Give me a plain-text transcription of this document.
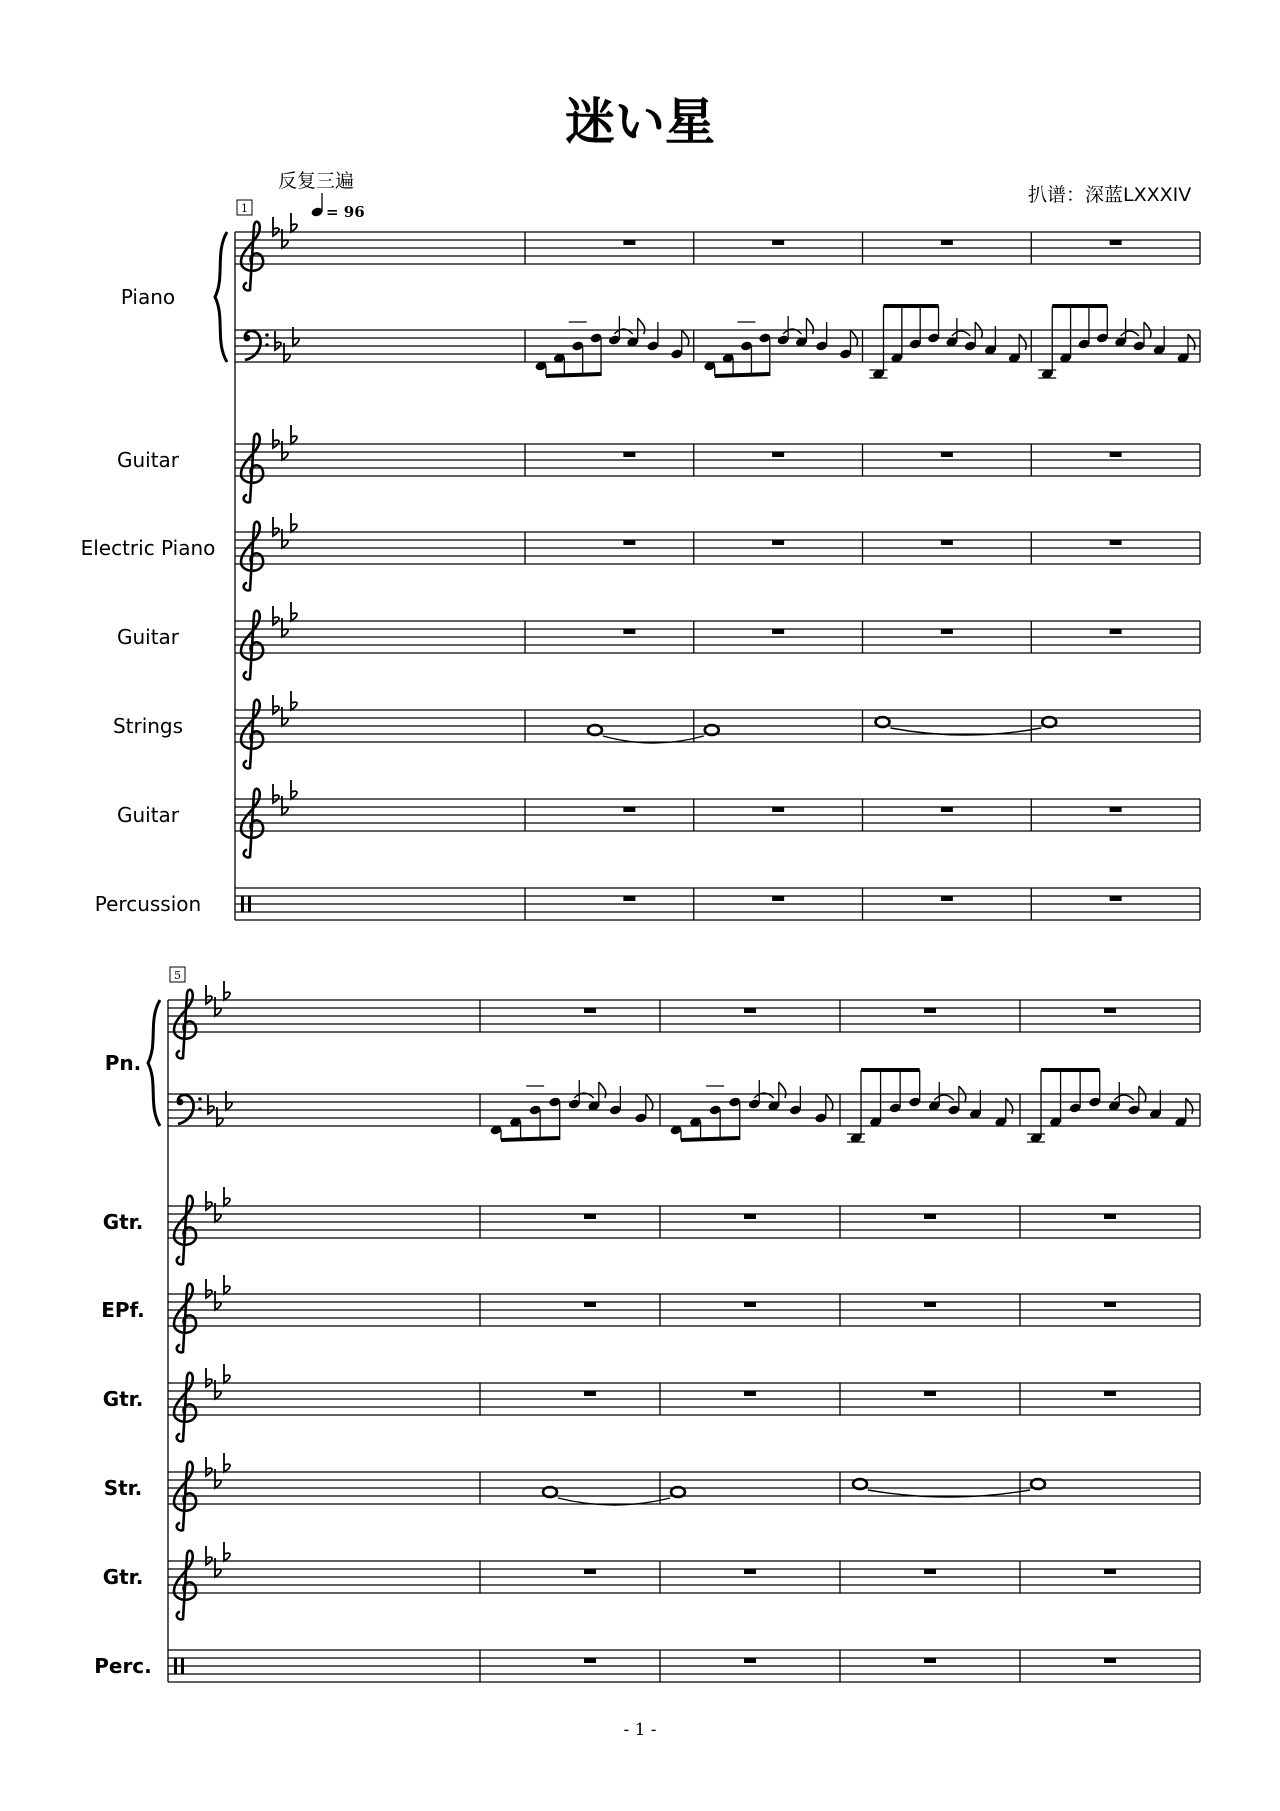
迷い星
反复三遍
扒谱：深蓝LXXXIV
- 1 -
1
Piano
Guitar
Electric Piano
Guitar
Strings
Guitar
Percussion
5
Pn.
Gtr.
EPf.
Gtr.
Str.
Gtr.
Perc.
= 96
